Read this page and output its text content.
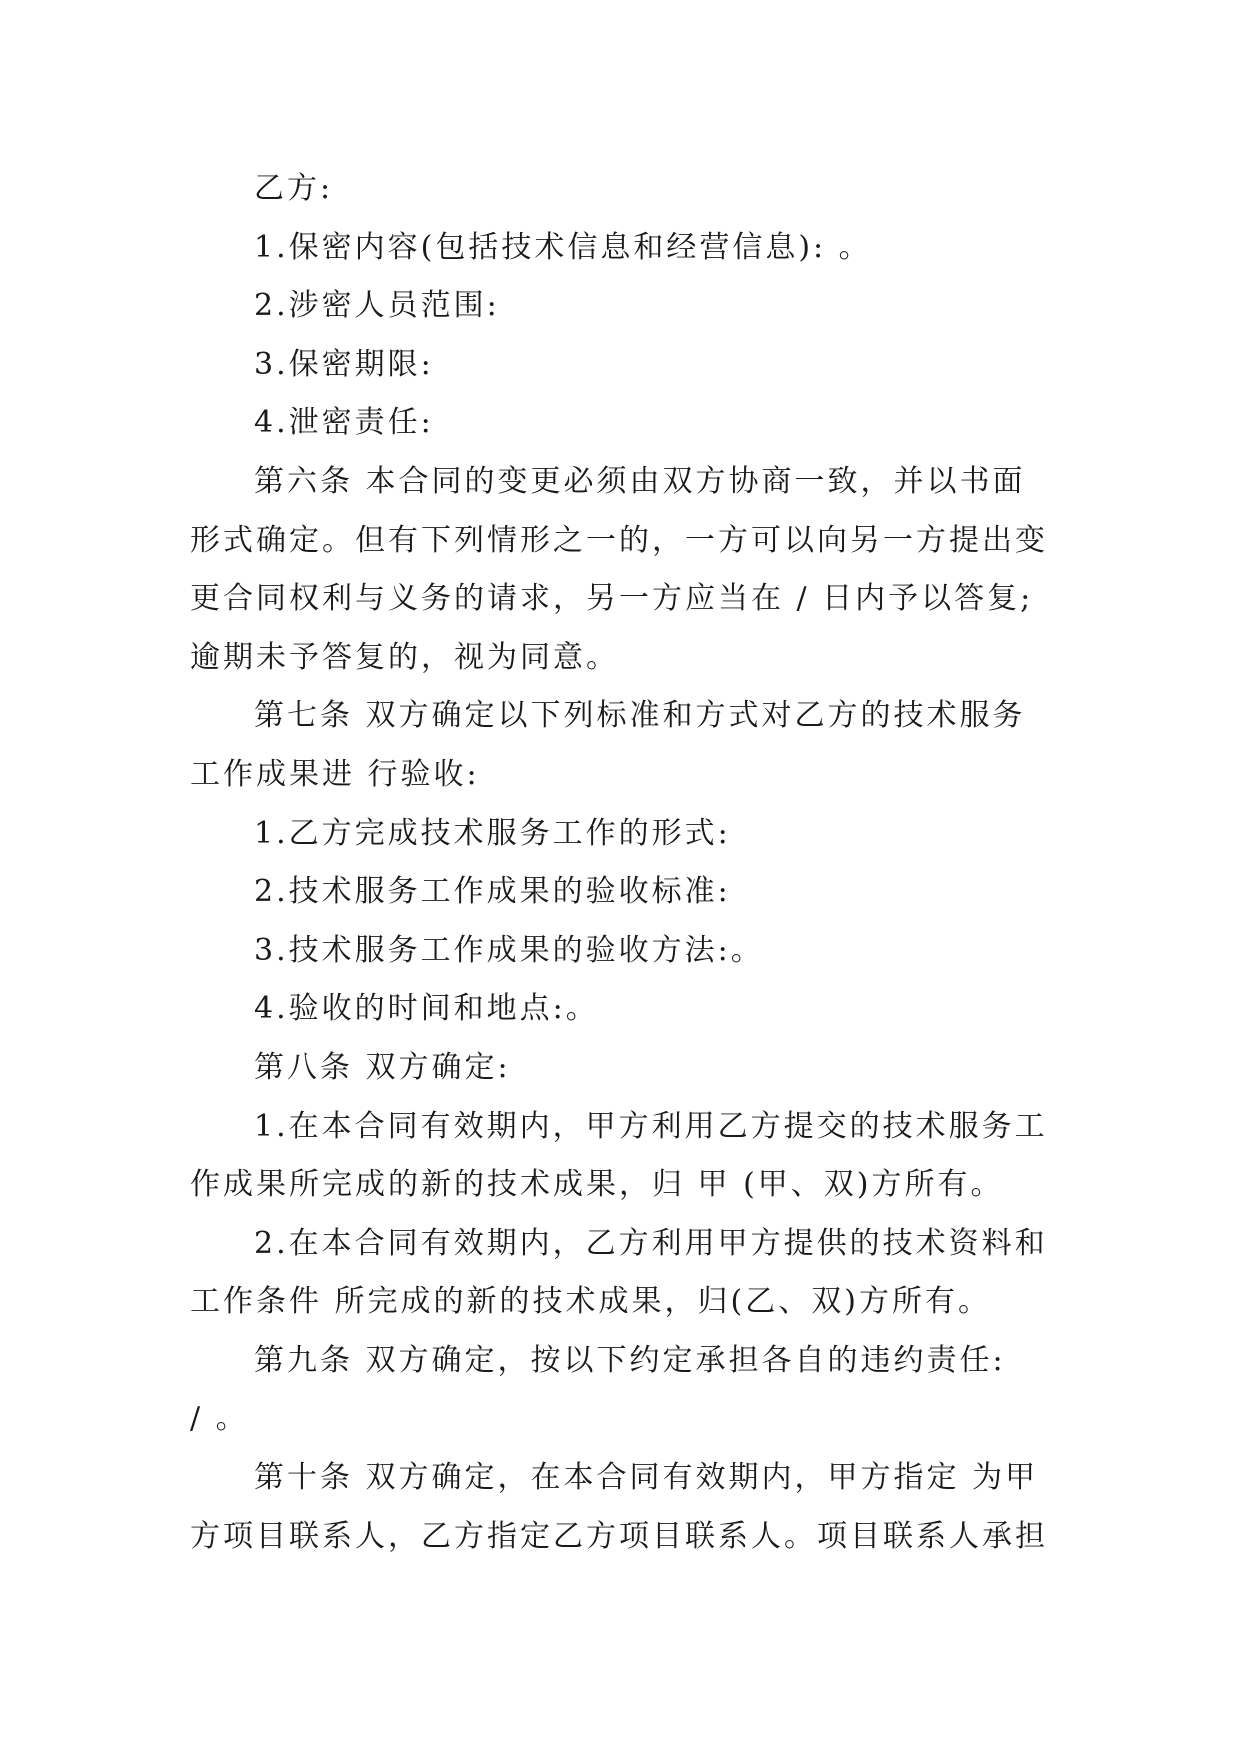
乙方:

1.保密内容(包括技术信息和经营信息): 。

2.涉密人员范围:

3.保密期限:

4.泄密责任:

第六条 本合同的变更必须由双方协商一致，并以书面

形式确定。但有下列情形之一的，一方可以向另一方提出变

更合同权利与义务的请求，另一方应当在 / 日内予以答复;

逾期未予答复的，视为同意。

第七条 双方确定以下列标准和方式对乙方的技术服务

工作成果进 行验收:

1.乙方完成技术服务工作的形式:

2.技术服务工作成果的验收标准:

3.技术服务工作成果的验收方法:。

4.验收的时间和地点:。

第八条 双方确定:

1.在本合同有效期内，甲方利用乙方提交的技术服务工

作成果所完成的新的技术成果，归 甲 (甲、双)方所有。

2.在本合同有效期内，乙方利用甲方提供的技术资料和

工作条件 所完成的新的技术成果，归(乙、双)方所有。

第九条 双方确定，按以下约定承担各自的违约责任:

/ 。

第十条 双方确定，在本合同有效期内，甲方指定 为甲

方项目联系人，乙方指定乙方项目联系人。项目联系人承担
